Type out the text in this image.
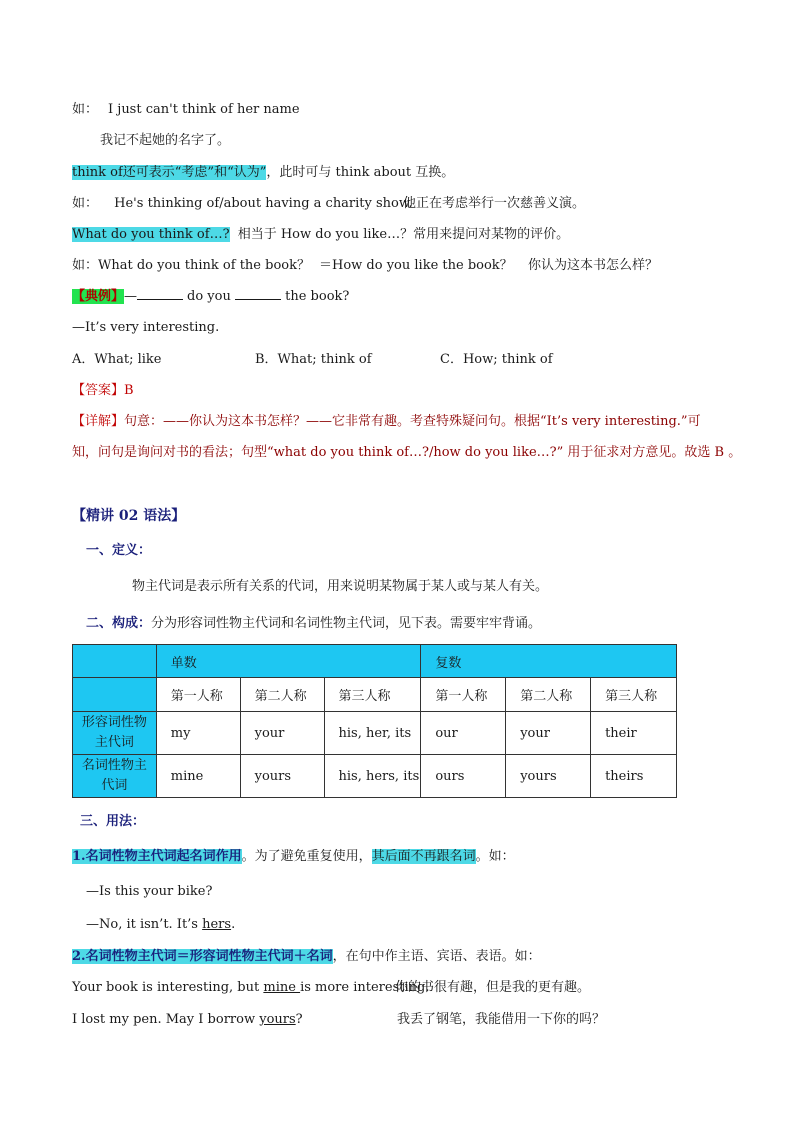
如： I just can't think of her name
我记不起她的名字了。
think of还可表示“考虑”和“认为”，此时可与 think about 互换。
如： He's thinking of/about having a charity show.
他正在考虑举行一次慈善义演。
What do you think of…? 相当于 How do you like…？常用来提问对某物的评价。
如：What do you think of the book？ ＝How do you like the book？ 你认为这本书怎么样？
【典例】—	do you	the book?
—It’s very interesting.
A．What; like	B．What; think of	C．How; think of
【答案】B
【详解】句意：——你认为这本书怎样？——它非常有趣。考查特殊疑问句。根据“It’s very interesting.”可
知，问句是询问对书的看法；句型“what do you think of…?/how do you like…?” 用于征求对方意见。故选 B 。
【精讲 02 语法】
一、定义：
物主代词是表示所有关系的代词，用来说明某物属于某人或与某人有关。
二、构成：分为形容词性物主代词和名词性物主代词，见下表。需要牢牢背诵。
	单数			复数		
	第一人称	第二人称	第三人称	第一人称	第二人称	第三人称
形容词性物主代词	my	your	his, her, its	our	your	their
名词性物主代词	mine	yours	his, hers, its	ours	yours	theirs
三、用法：
1.名词性物主代词起名词作用。为了避免重复使用，其后面不再跟名词。如：
—Is this your bike?
—No, it isn’t. It’s hers.
2.名词性物主代词＝形容词性物主代词＋名词，在句中作主语、宾语、表语。如：
Your book is interesting, but mine is more interesting.
你的书很有趣，但是我的更有趣。
I lost my pen. May I borrow yours?	我丢了钢笔，我能借用一下你的吗？
